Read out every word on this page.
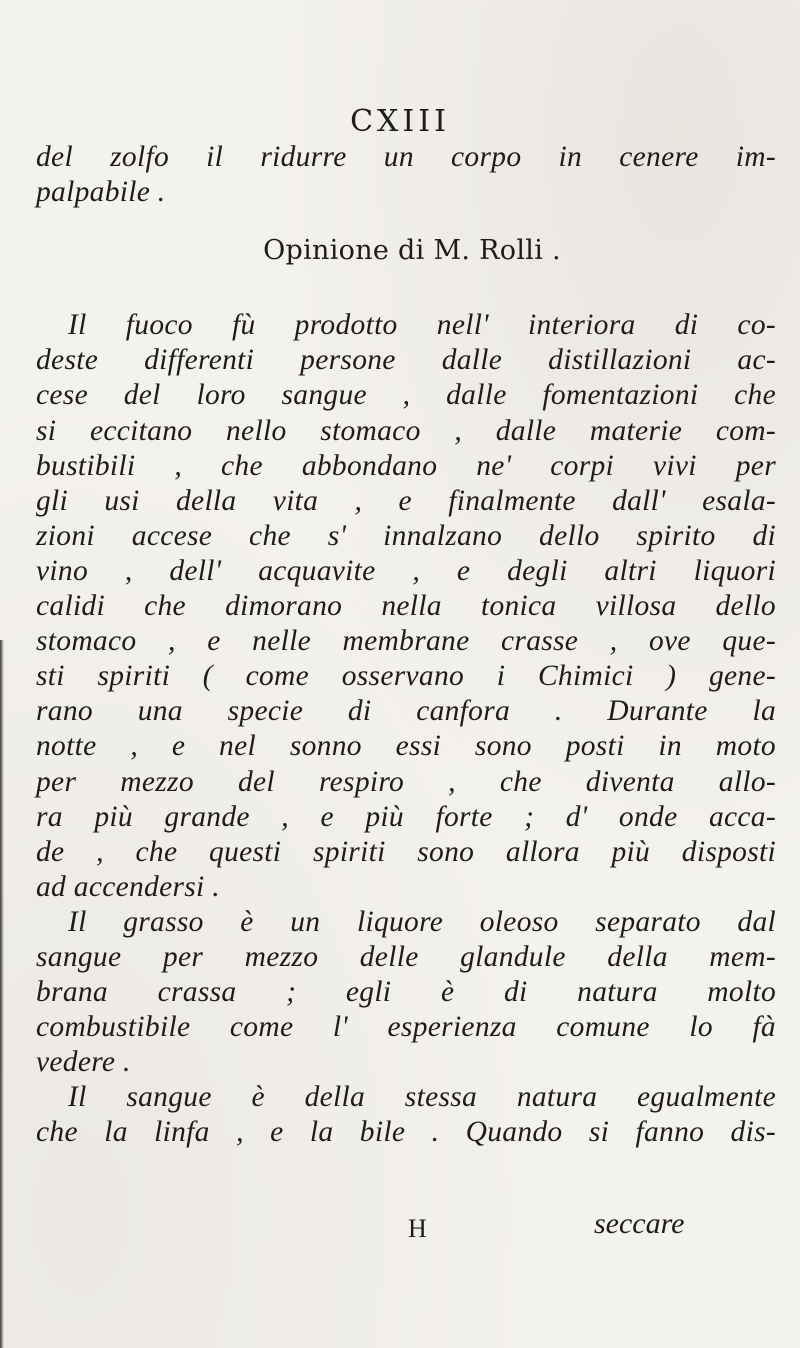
CXIII
del zolfo il ridurre un corpo in cenere im-
palpabile .
Opinione di M. Rolli .
Il fuoco fù prodotto nell' interiora di co-
deste differenti persone dalle distillazioni ac-
cese del loro sangue , dalle fomentazioni che
si eccitano nello stomaco , dalle materie com-
bustibili , che abbondano ne' corpi vivi per
gli usi della vita , e finalmente dall' esala-
zioni accese che s' innalzano dello spirito di
vino , dell' acquavite , e degli altri liquori
calidi che dimorano nella tonica villosa dello
stomaco , e nelle membrane crasse , ove que-
sti spiriti ( come osservano i Chimici ) gene-
rano una specie di canfora . Durante la
notte , e nel sonno essi sono posti in moto
per mezzo del respiro , che diventa allo-
ra più grande , e più forte ; d' onde acca-
de , che questi spiriti sono allora più disposti
ad accendersi .
Il grasso è un liquore oleoso separato dal
sangue per mezzo delle glandule della mem-
brana crassa ; egli è di natura molto
combustibile come l' esperienza comune lo fà
vedere .
Il sangue è della stessa natura egualmente
che la linfa , e la bile . Quando si fanno dis-
H	seccare
